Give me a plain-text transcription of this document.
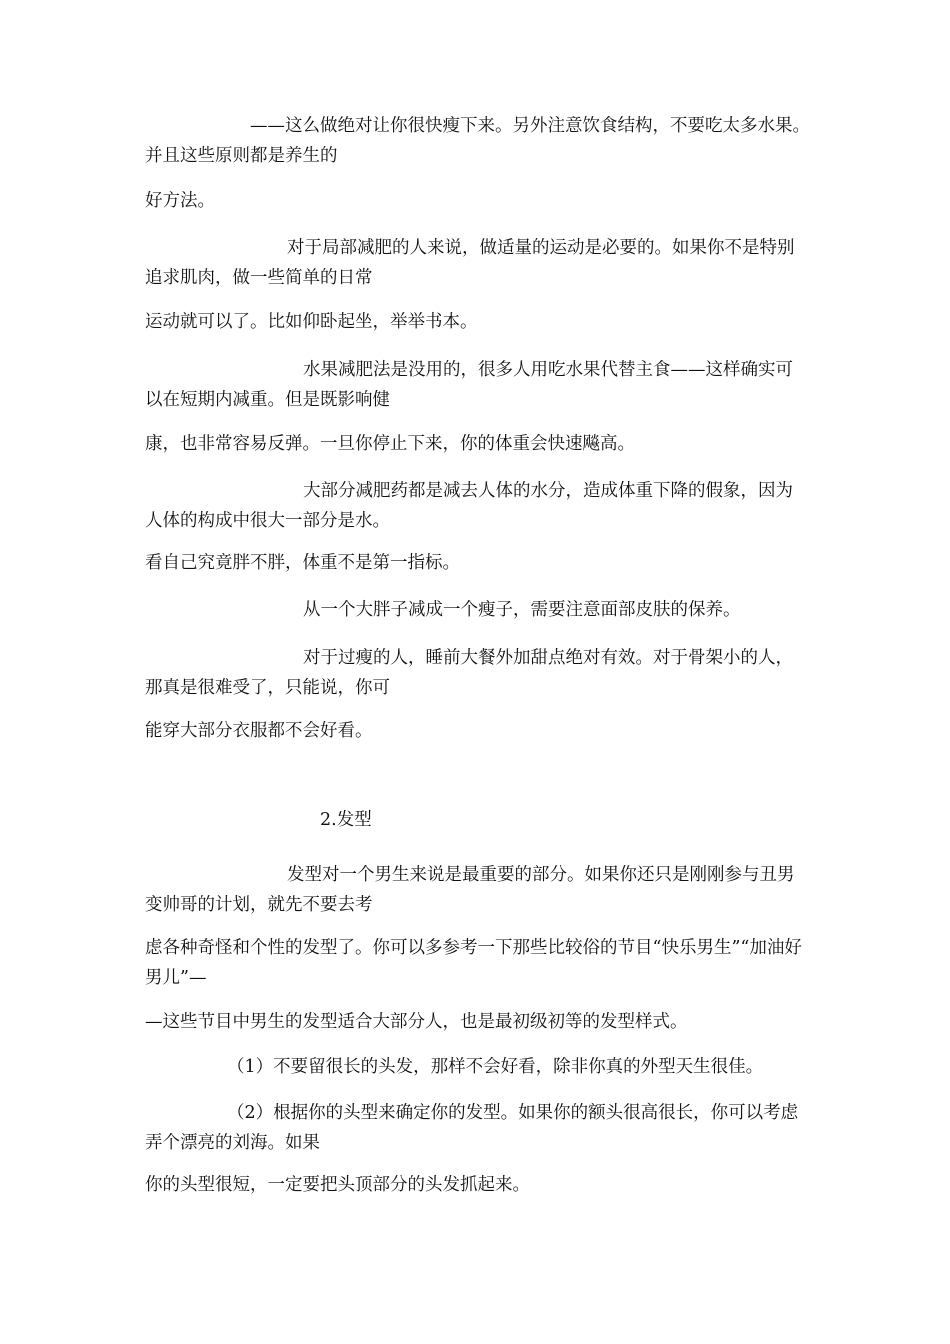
——这么做绝对让你很快瘦下来。另外注意饮食结构，不要吃太多水果。并且这些原则都是养生的

好方法。

对于局部减肥的人来说，做适量的运动是必要的。如果你不是特别追求肌肉，做一些简单的日常

运动就可以了。比如仰卧起坐，举举书本。

水果减肥法是没用的，很多人用吃水果代替主食——这样确实可以在短期内减重。但是既影响健

康，也非常容易反弹。一旦你停止下来，你的体重会快速飚高。

大部分减肥药都是减去人体的水分，造成体重下降的假象，因为人体的构成中很大一部分是水。

看自己究竟胖不胖，体重不是第一指标。

从一个大胖子减成一个瘦子，需要注意面部皮肤的保养。

对于过瘦的人，睡前大餐外加甜点绝对有效。对于骨架小的人，那真是很难受了，只能说，你可

能穿大部分衣服都不会好看。

2.发型

发型对一个男生来说是最重要的部分。如果你还只是刚刚参与丑男变帅哥的计划，就先不要去考

虑各种奇怪和个性的发型了。你可以多参考一下那些比较俗的节目“快乐男生”“加油好男儿”—

—这些节目中男生的发型适合大部分人，也是最初级初等的发型样式。

（1）不要留很长的头发，那样不会好看，除非你真的外型天生很佳。

（2）根据你的头型来确定你的发型。如果你的额头很高很长，你可以考虑弄个漂亮的刘海。如果

你的头型很短，一定要把头顶部分的头发抓起来。
